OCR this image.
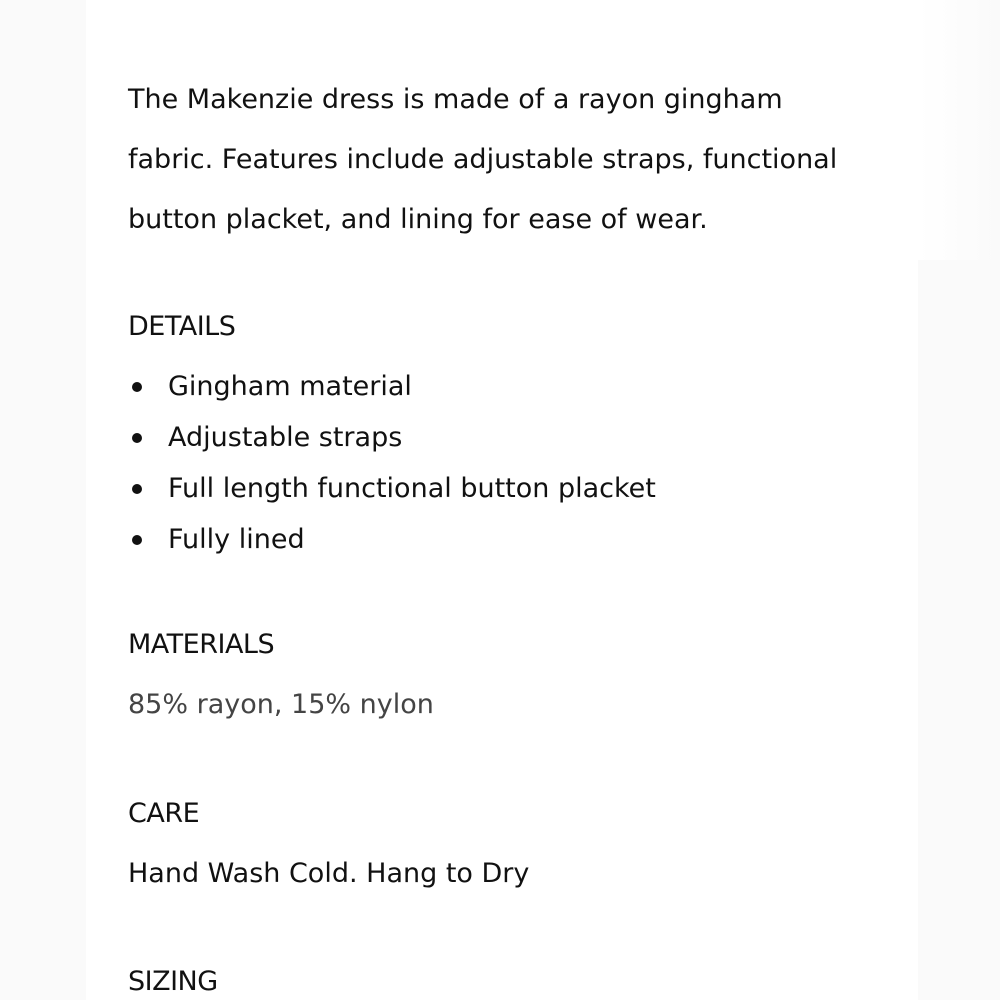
The Makenzie dress is made of a rayon gingham
fabric. Features include adjustable straps, functional
button placket, and lining for ease of wear.

DETAILS
Gingham material
Adjustable straps
Full length functional button placket
Fully lined
MATERIALS

85% rayon, 15% nylon

CARE

Hand Wash Cold. Hang to Dry

SIZING
